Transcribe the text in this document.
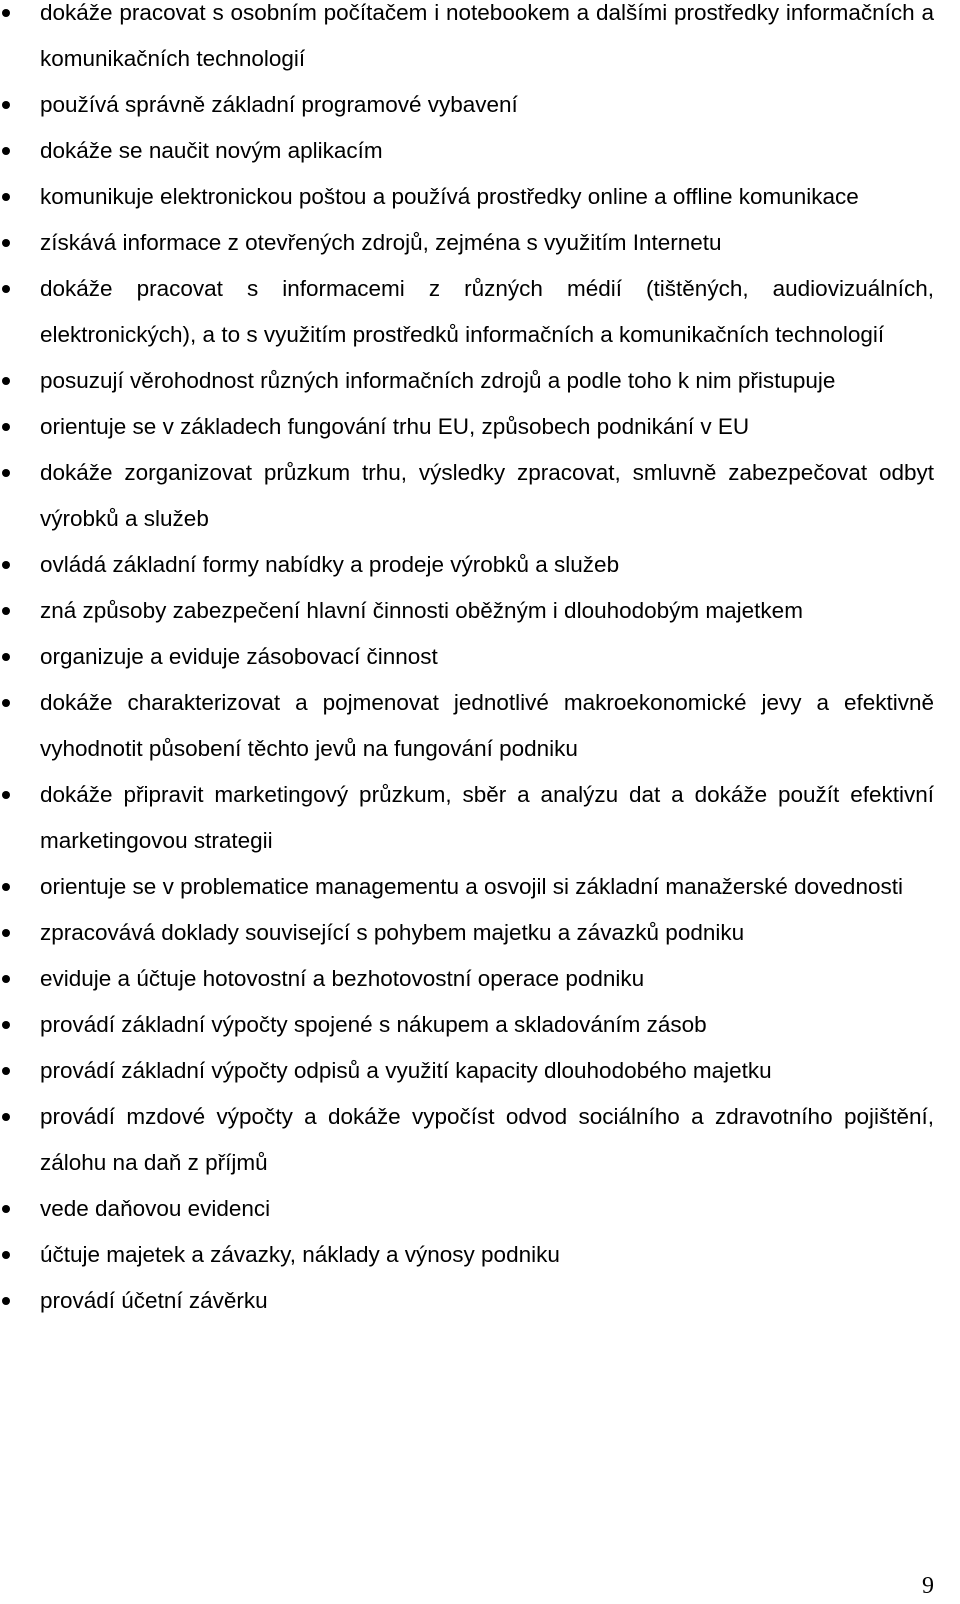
dokáže pracovat s osobním počítačem i notebookem a dalšími prostředky informačních a komunikačních technologií
používá správně základní programové vybavení
dokáže se naučit novým aplikacím
komunikuje elektronickou poštou a používá prostředky online a offline komunikace
získává informace z otevřených zdrojů, zejména s využitím Internetu
dokáže pracovat s informacemi z různých médií (tištěných, audiovizuálních, elektronických), a to s využitím prostředků informačních a komunikačních technologií
posuzují věrohodnost různých informačních zdrojů a podle toho k nim přistupuje
orientuje se v základech fungování trhu EU, způsobech podnikání v EU
dokáže zorganizovat průzkum trhu, výsledky zpracovat, smluvně zabezpečovat odbyt výrobků a služeb
ovládá základní formy nabídky a prodeje výrobků a služeb
zná způsoby zabezpečení hlavní činnosti oběžným i dlouhodobým majetkem
organizuje a eviduje zásobovací činnost
dokáže charakterizovat a pojmenovat jednotlivé makroekonomické jevy a efektivně vyhodnotit působení těchto jevů na fungování podniku
dokáže připravit marketingový průzkum, sběr a analýzu dat a dokáže použít efektivní marketingovou strategii
orientuje se v problematice managementu a osvojil si základní manažerské dovednosti
zpracovává doklady související s pohybem majetku a závazků podniku
eviduje a účtuje hotovostní a bezhotovostní operace podniku
provádí základní výpočty spojené s nákupem a skladováním zásob
provádí základní výpočty odpisů a využití kapacity dlouhodobého majetku
provádí mzdové výpočty a dokáže vypočíst odvod sociálního a zdravotního pojištění, zálohu na daň z příjmů
vede daňovou evidenci
účtuje majetek a závazky, náklady a výnosy podniku
provádí účetní závěrku
9
